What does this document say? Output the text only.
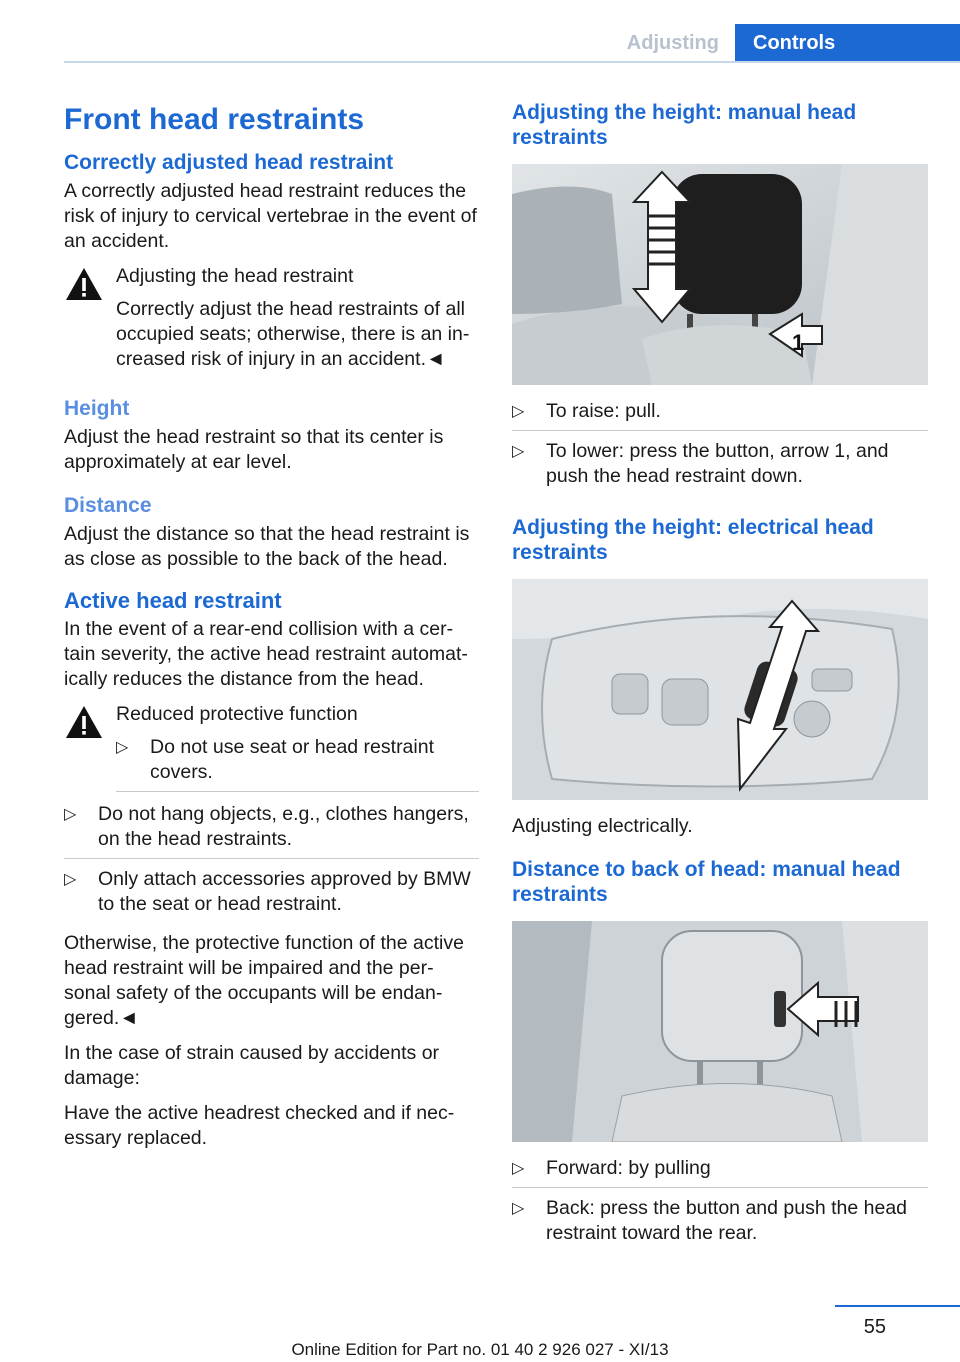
Adjusting	Controls
Front head restraints
Correctly adjusted head restraint

A correctly adjusted head restraint reduces the risk of injury to cervical vertebrae in the event of an accident.

Adjusting the head restraint
Correctly adjust the head restraints of all occupied seats; otherwise, there is an in-creased risk of injury in an accident.◄
Height

Adjust the head restraint so that its center is approximately at ear level.

Distance

Adjust the distance so that the head restraint is as close as possible to the back of the head.

Active head restraint

In the event of a rear-end collision with a cer-tain severity, the active head restraint automat-ically reduces the distance from the head.

Reduced protective function
▷ Do not use seat or head restraint covers.
▷ Do not hang objects, e.g., clothes hangers, on the head restraints.
▷ Only attach accessories approved by BMW to the seat or head restraint.

Otherwise, the protective function of the active head restraint will be impaired and the per-sonal safety of the occupants will be endan-gered.◄

In the case of strain caused by accidents or damage:

Have the active headrest checked and if nec-essary replaced.

Adjusting the height: manual head restraints
1
▷ To raise: pull.
▷ To lower: press the button, arrow 1, and push the head restraint down.
Adjusting the height: electrical head restraints

Adjusting electrically.

Distance to back of head: manual head restraints
▷ Forward: by pulling
▷ Back: press the button and push the head restraint toward the rear.
55
Online Edition for Part no. 01 40 2 926 027 - XI/13
